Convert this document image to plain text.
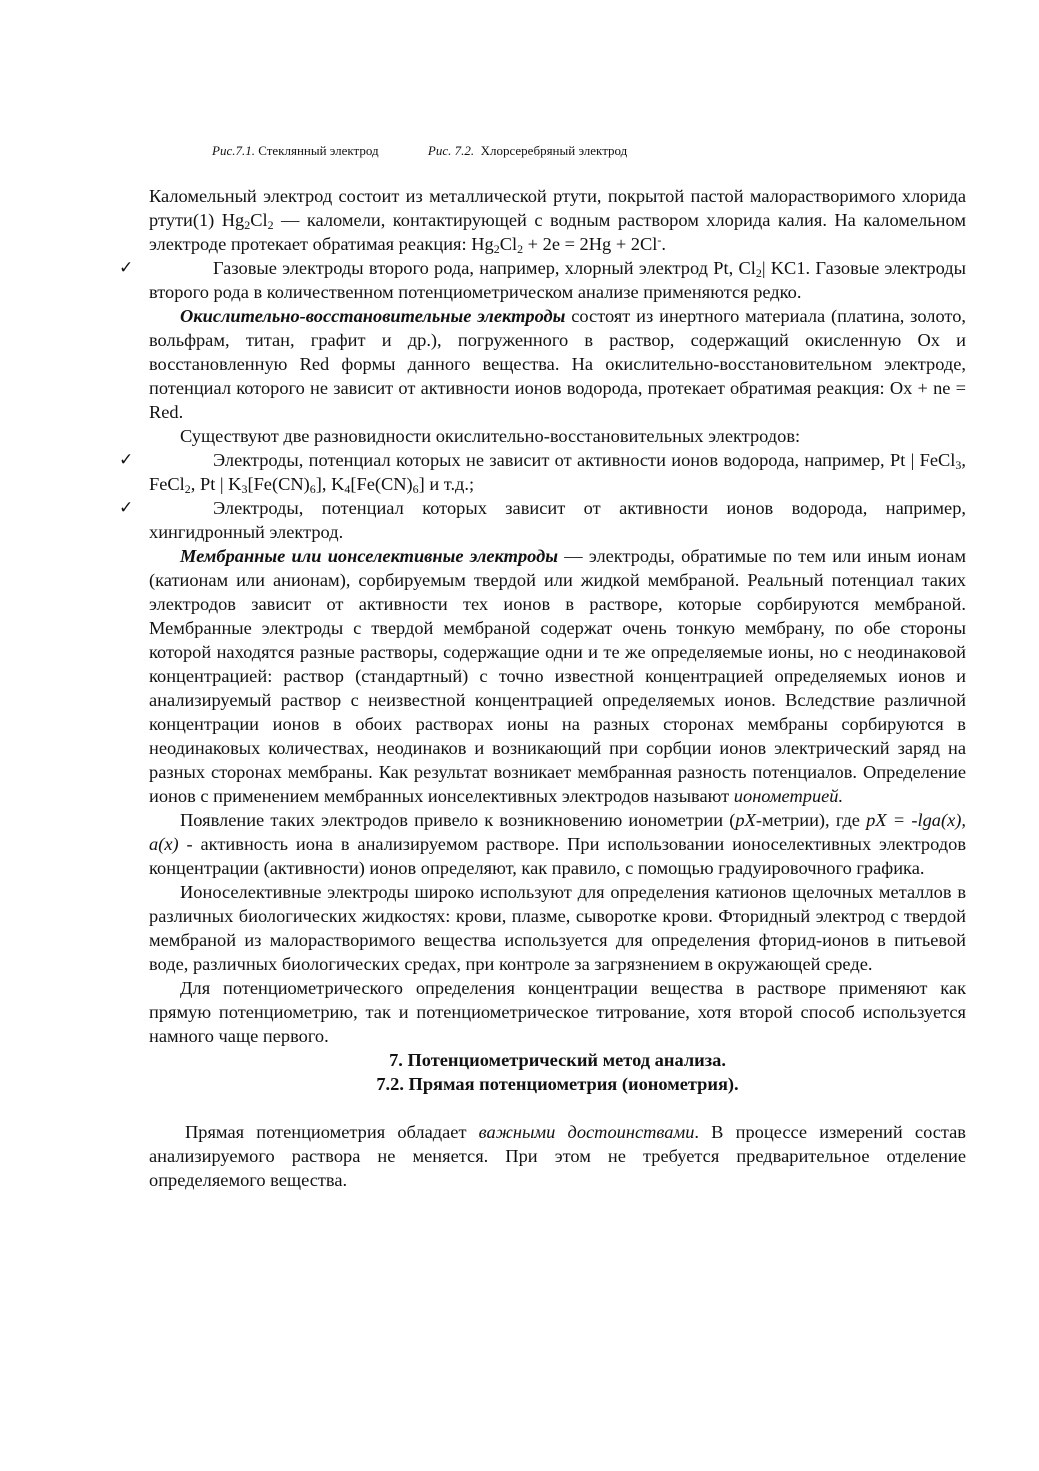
Рис.7.1. Стеклянный электрод	Рис. 7.2. Хлорсеребряный электрод

Каломельный электрод состоит из металлической ртути, покрытой пастой малорастворимого хлорида ртути(1) $Hg_2Cl_2$ — каломели, контактирующей с водным раствором хлорида калия. На каломельном электроде протекает обратимая реакция: $Hg_2Cl_2 + 2e = 2Hg + 2Cl^-$.

✓	Газовые электроды второго рода, например, хлорный электрод Pt, $Cl_2|$ KC1. Газовые электроды второго рода в количественном потенциометрическом анализе применяются редко.

Окислительно-восстановительные электроды состоят из инертного материала (платина, золото, вольфрам, титан, графит и др.), погруженного в раствор, содержащий окисленную Ox и восстановленную Red формы данного вещества. На окислительно-восстановительном электроде, потенциал которого не зависит от активности ионов водорода, протекает обратимая реакция: Ox + ne = Red.

Существуют две разновидности окислительно-восстановительных электродов:

✓	Электроды, потенциал которых не зависит от активности ионов водорода, например, Pt | FeCl$_3$, FeCl$_2$, Pt | $K_3[Fe(CN)_6]$, $K_4[Fe(CN)_6]$ и т.д.;

✓	Электроды, потенциал которых зависит от активности ионов водорода, например, хингидронный электрод.

Мембранные или ионселективные электроды — электроды, обратимые по тем или иным ионам (катионам или анионам), сорбируемым твердой или жидкой мембраной. Реальный потенциал таких электродов зависит от активности тех ионов в растворе, которые сорбируются мембраной. Мембранные электроды с твердой мембраной содержат очень тонкую мембрану, по обе стороны которой находятся разные растворы, содержащие одни и те же определяемые ионы, но с неодинаковой концентрацией: раствор (стандартный) с точно известной концентрацией определяемых ионов и анализируемый раствор с неизвестной концентрацией определяемых ионов. Вследствие различной концентрации ионов в обоих растворах ионы на разных сторонах мембраны сорбируются в неодинаковых количествах, неодинаков и возникающий при сорбции ионов электрический заряд на разных сторонах мембраны. Как результат возникает мембранная разность потенциалов. Определение ионов с применением мембранных ионселективных электродов называют ионометрией.

Появление таких электродов привело к возникновению ионометрии (pX-метрии), где pX = -lga(x), a(x) - активность иона в анализируемом растворе. При использовании ионоселективных электродов концентрации (активности) ионов определяют, как правило, с помощью градуировочного графика.

Ионоселективные электроды широко используют для определения катионов щелочных металлов в различных биологических жидкостях: крови, плазме, сыворотке крови. Фторидный электрод с твердой мембраной из малорастворимого вещества используется для определения фторид-ионов в питьевой воде, различных биологических средах, при контроле за загрязнением в окружающей среде.

Для потенциометрического определения концентрации вещества в растворе применяют как прямую потенциометрию, так и потенциометрическое титрование, хотя второй способ используется намного чаще первого.

7. Потенциометрический метод анализа.

7.2. Прямая потенциометрия (ионометрия).

Прямая потенциометрия обладает важными достоинствами. В процессе измерений состав анализируемого раствора не меняется. При этом не требуется предварительное отделение определяемого вещества.
